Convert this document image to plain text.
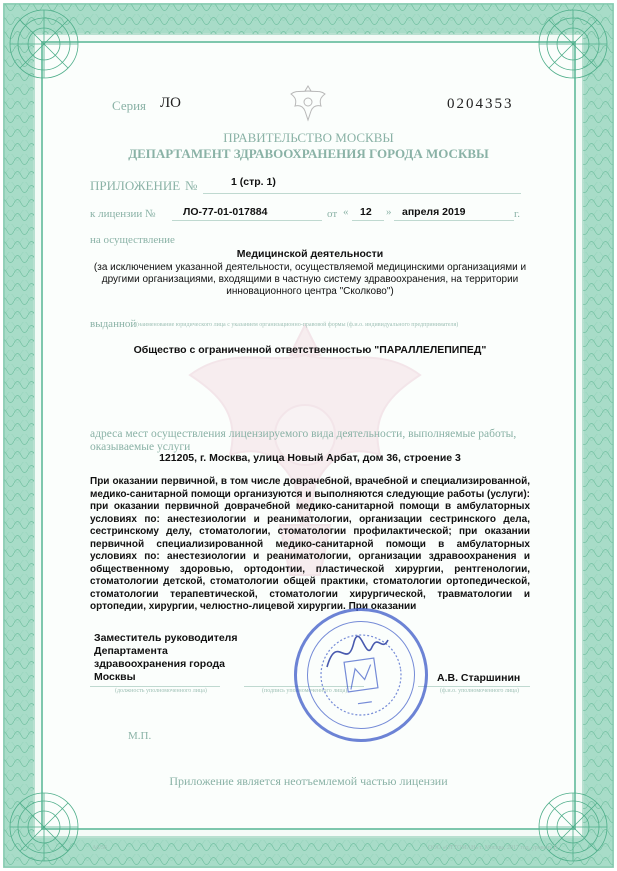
Серия ЛО	0204353
ПРАВИТЕЛЬСТВО МОСКВЫ
ДЕПАРТАМЕНТ ЗДРАВООХРАНЕНИЯ ГОРОДА МОСКВЫ
ПРИЛОЖЕНИЕ №	1 (стр. 1)
к лицензии №	ЛО-77-01-017884	от « 12 » апреля 2019	г.
на осуществление
Медицинской деятельности
(за исключением указанной деятельности, осуществляемой медицинскими организациями и другими организациями, входящими в частную систему здравоохранения, на территории инновационного центра "Сколково")
выданной (наименование юридического лица с указанием организационно-правовой формы (ф.и.о. индивидуального предпринимателя)
Общество с ограниченной ответственностью "ПАРАЛЛЕЛЕПИПЕД"
адреса мест осуществления лицензируемого вида деятельности, выполняемые работы, оказываемые услуги
121205, г. Москва, улица Новый Арбат, дом 36, строение 3
При оказании первичной, в том числе доврачебной, врачебной и специализированной, медико-санитарной помощи организуются и выполняются следующие работы (услуги): при оказании первичной доврачебной медико-санитарной помощи в амбулаторных условиях по: анестезиологии и реаниматологии, организации сестринского дела, сестринскому делу, стоматологии, стоматологии профилактической; при оказании первичной специализированной медико-санитарной помощи в амбулаторных условиях по: анестезиологии и реаниматологии, организации здравоохранения и общественному здоровью, ортодонтии, пластической хирургии, рентгенологии, стоматологии детской, стоматологии общей практики, стоматологии ортопедической, стоматологии терапевтической, стоматологии хирургической, травматологии и ортопедии, хирургии, челюстно-лицевой хирургии. При оказании
Заместитель руководителя
Департамента
здравоохранения города
Москвы
(должность уполномоченного лица)	(подпись уполномоченного лица)	(ф.и.о. уполномоченного лица)
А.В. Старшинин
М.П.
Приложение является неотъемлемой частью лицензии
А6/56	ООО «ОТТОМАН» г. Москва, 2017 год, уровень В
